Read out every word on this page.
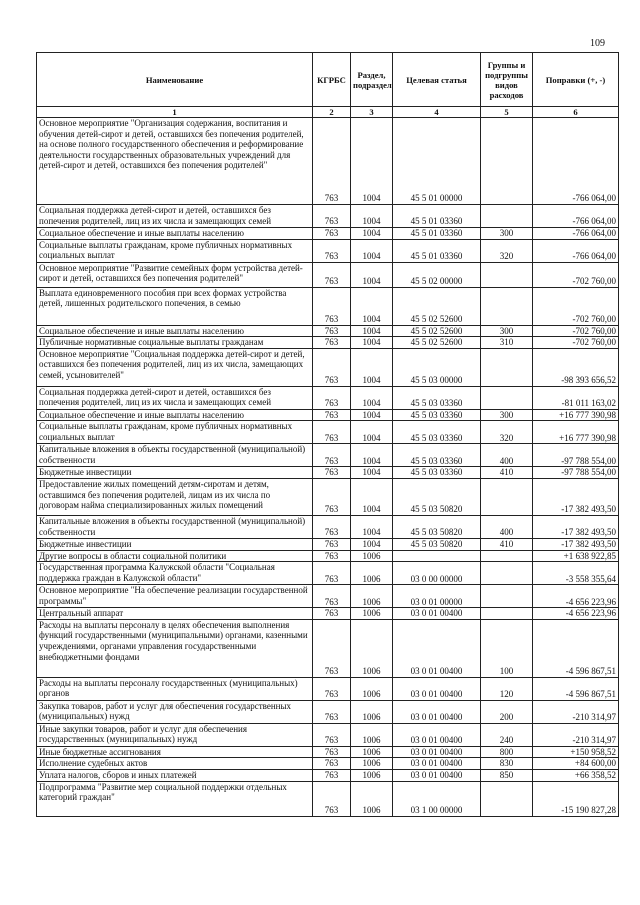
109
Наименование	КГРБС	Раздел, подраздел	Целевая статья	Группы и подгруппы видов расходов	Поправки (+, -)
1	2	3	4	5	6
Основное мероприятие "Организация содержания, воспитания и обучения детей-сирот и детей, оставшихся без попечения родителей, на основе полного государственного обеспечения и реформирование деятельности государственных образовательных учреждений для детей-сирот и детей, оставшихся без попечения родителей"	763	1004	45 5 01 00000		-766 064,00
Социальная поддержка детей-сирот и детей, оставшихся без попечения родителей, лиц из их числа и замещающих семей	763	1004	45 5 01 03360		-766 064,00
Социальное обеспечение и иные выплаты населению	763	1004	45 5 01 03360	300	-766 064,00
Социальные выплаты гражданам, кроме публичных нормативных социальных выплат	763	1004	45 5 01 03360	320	-766 064,00
Основное мероприятие "Развитие семейных форм устройства детей-сирот и детей, оставшихся без попечения родителей"	763	1004	45 5 02 00000		-702 760,00
Выплата единовременного пособия при всех формах устройства детей, лишенных родительского попечения, в семью	763	1004	45 5 02 52600		-702 760,00
Социальное обеспечение и иные выплаты населению	763	1004	45 5 02 52600	300	-702 760,00
Публичные нормативные социальные выплаты гражданам	763	1004	45 5 02 52600	310	-702 760,00
Основное мероприятие "Социальная поддержка детей-сирот и детей, оставшихся без попечения родителей, лиц из их числа, замещающих семей, усыновителей"	763	1004	45 5 03 00000		-98 393 656,52
Социальная поддержка детей-сирот и детей, оставшихся без попечения родителей, лиц из их числа и замещающих семей	763	1004	45 5 03 03360		-81 011 163,02
Социальное обеспечение и иные выплаты населению	763	1004	45 5 03 03360	300	+16 777 390,98
Социальные выплаты гражданам, кроме публичных нормативных социальных выплат	763	1004	45 5 03 03360	320	+16 777 390,98
Капитальные вложения в объекты государственной (муниципальной) собственности	763	1004	45 5 03 03360	400	-97 788 554,00
Бюджетные инвестиции	763	1004	45 5 03 03360	410	-97 788 554,00
Предоставление жилых помещений детям-сиротам и детям, оставшимся без попечения родителей, лицам из их числа по договорам найма специализированных жилых помещений	763	1004	45 5 03 50820		-17 382 493,50
Капитальные вложения в объекты государственной (муниципальной) собственности	763	1004	45 5 03 50820	400	-17 382 493,50
Бюджетные инвестиции	763	1004	45 5 03 50820	410	-17 382 493,50
Другие вопросы в области социальной политики	763	1006			+1 638 922,85
Государственная программа Калужской области "Социальная поддержка граждан в Калужской области"	763	1006	03 0 00 00000		-3 558 355,64
Основное мероприятие "На обеспечение реализации государственной программы"	763	1006	03 0 01 00000		-4 656 223,96
Центральный аппарат	763	1006	03 0 01 00400		-4 656 223,96
Расходы на выплаты персоналу в целях обеспечения выполнения функций государственными (муниципальными) органами, казенными учреждениями, органами управления государственными внебюджетными фондами	763	1006	03 0 01 00400	100	-4 596 867,51
Расходы на выплаты персоналу государственных (муниципальных) органов	763	1006	03 0 01 00400	120	-4 596 867,51
Закупка товаров, работ и услуг для обеспечения государственных (муниципальных) нужд	763	1006	03 0 01 00400	200	-210 314,97
Иные закупки товаров, работ и услуг для обеспечения государственных (муниципальных) нужд	763	1006	03 0 01 00400	240	-210 314,97
Иные бюджетные ассигнования	763	1006	03 0 01 00400	800	+150 958,52
Исполнение судебных актов	763	1006	03 0 01 00400	830	+84 600,00
Уплата налогов, сборов и иных платежей	763	1006	03 0 01 00400	850	+66 358,52
Подпрограмма "Развитие мер социальной поддержки отдельных категорий граждан"	763	1006	03 1 00 00000		-15 190 827,28
